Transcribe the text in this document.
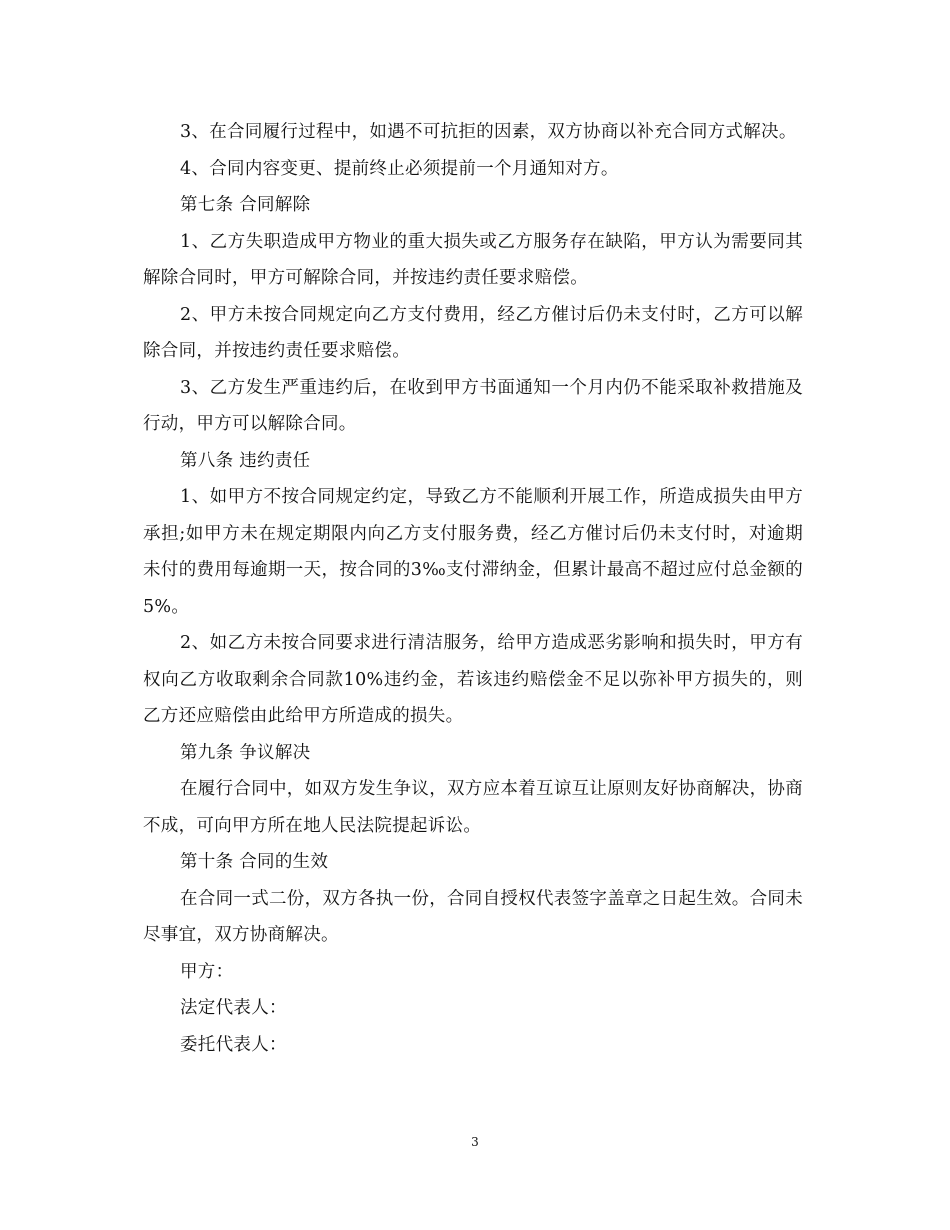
3、在合同履行过程中，如遇不可抗拒的因素，双方协商以补充合同方式解决。

4、合同内容变更、提前终止必须提前一个月通知对方。

第七条 合同解除

1、乙方失职造成甲方物业的重大损失或乙方服务存在缺陷，甲方认为需要同其解除合同时，甲方可解除合同，并按违约责任要求赔偿。

2、甲方未按合同规定向乙方支付费用，经乙方催讨后仍未支付时，乙方可以解除合同，并按违约责任要求赔偿。

3、乙方发生严重违约后，在收到甲方书面通知一个月内仍不能采取补救措施及行动，甲方可以解除合同。

第八条 违约责任

1、如甲方不按合同规定约定，导致乙方不能顺利开展工作，所造成损失由甲方承担;如甲方未在规定期限内向乙方支付服务费，经乙方催讨后仍未支付时，对逾期未付的费用每逾期一天，按合同的3‰支付滞纳金，但累计最高不超过应付总金额的5%。

2、如乙方未按合同要求进行清洁服务，给甲方造成恶劣影响和损失时，甲方有权向乙方收取剩余合同款10%违约金，若该违约赔偿金不足以弥补甲方损失的，则乙方还应赔偿由此给甲方所造成的损失。

第九条 争议解决

在履行合同中，如双方发生争议，双方应本着互谅互让原则友好协商解决，协商不成，可向甲方所在地人民法院提起诉讼。

第十条 合同的生效

在合同一式二份，双方各执一份，合同自授权代表签字盖章之日起生效。合同未尽事宜，双方协商解决。

甲方：

法定代表人：

委托代表人：

3
